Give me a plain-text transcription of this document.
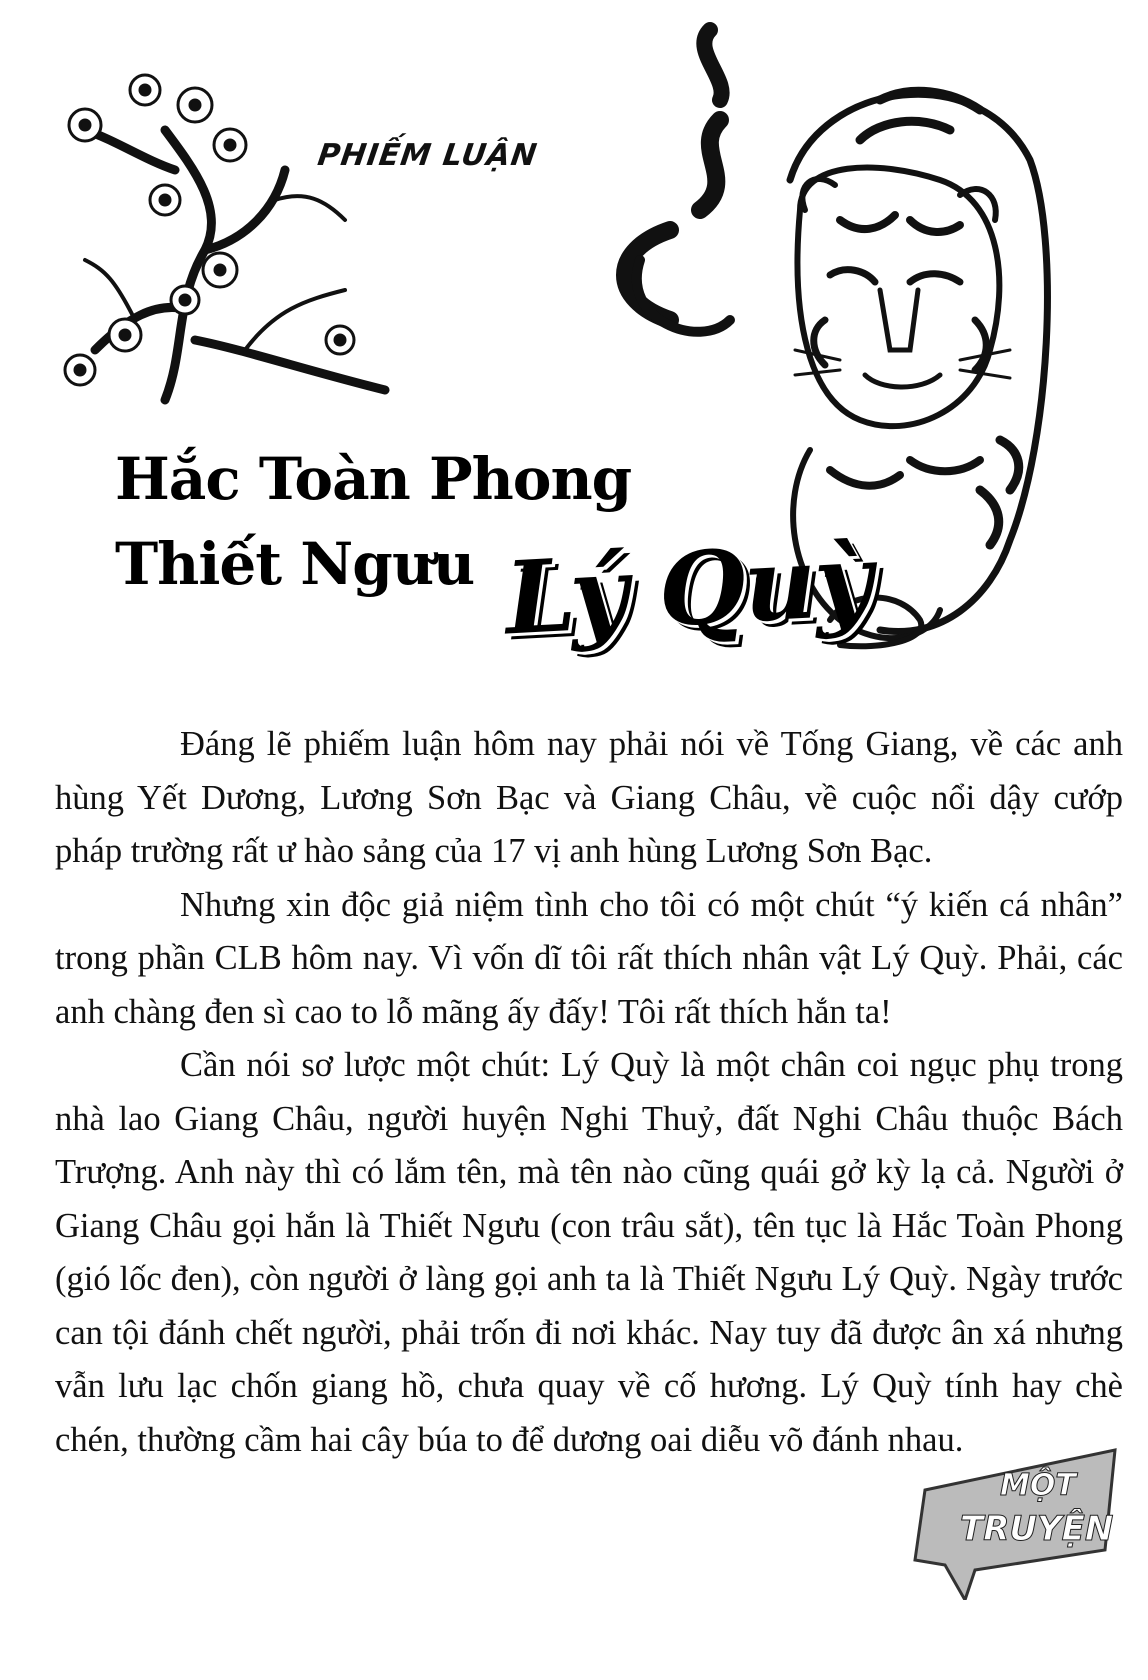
PHIẾM LUẬN
Hắc Toàn Phong
Thiết Ngưu Lý Quỳ

Đáng lẽ phiếm luận hôm nay phải nói về Tống Giang, về các anh hùng Yết Dương, Lương Sơn Bạc và Giang Châu, về cuộc nổi dậy cướp pháp trường rất ư hào sảng của 17 vị anh hùng Lương Sơn Bạc.

Nhưng xin độc giả niệm tình cho tôi có một chút “ý kiến cá nhân” trong phần CLB hôm nay. Vì vốn dĩ tôi rất thích nhân vật Lý Quỳ. Phải, các anh chàng đen sì cao to lỗ mãng ấy đấy! Tôi rất thích hắn ta!

Cần nói sơ lược một chút: Lý Quỳ là một chân coi ngục phụ trong nhà lao Giang Châu, người huyện Nghi Thuỷ, đất Nghi Châu thuộc Bách Trượng. Anh này thì có lắm tên, mà tên nào cũng quái gở kỳ lạ cả. Người ở Giang Châu gọi hắn là Thiết Ngưu (con trâu sắt), tên tục là Hắc Toàn Phong (gió lốc đen), còn người ở làng gọi anh ta là Thiết Ngưu Lý Quỳ. Ngày trước can tội đánh chết người, phải trốn đi nơi khác. Nay tuy đã được ân xá nhưng vẫn lưu lạc chốn giang hồ, chưa quay về cố hương. Lý Quỳ tính hay chè chén, thường cầm hai cây búa to để dương oai diễu võ đánh nhau.

MỘT
TRUYỆN
